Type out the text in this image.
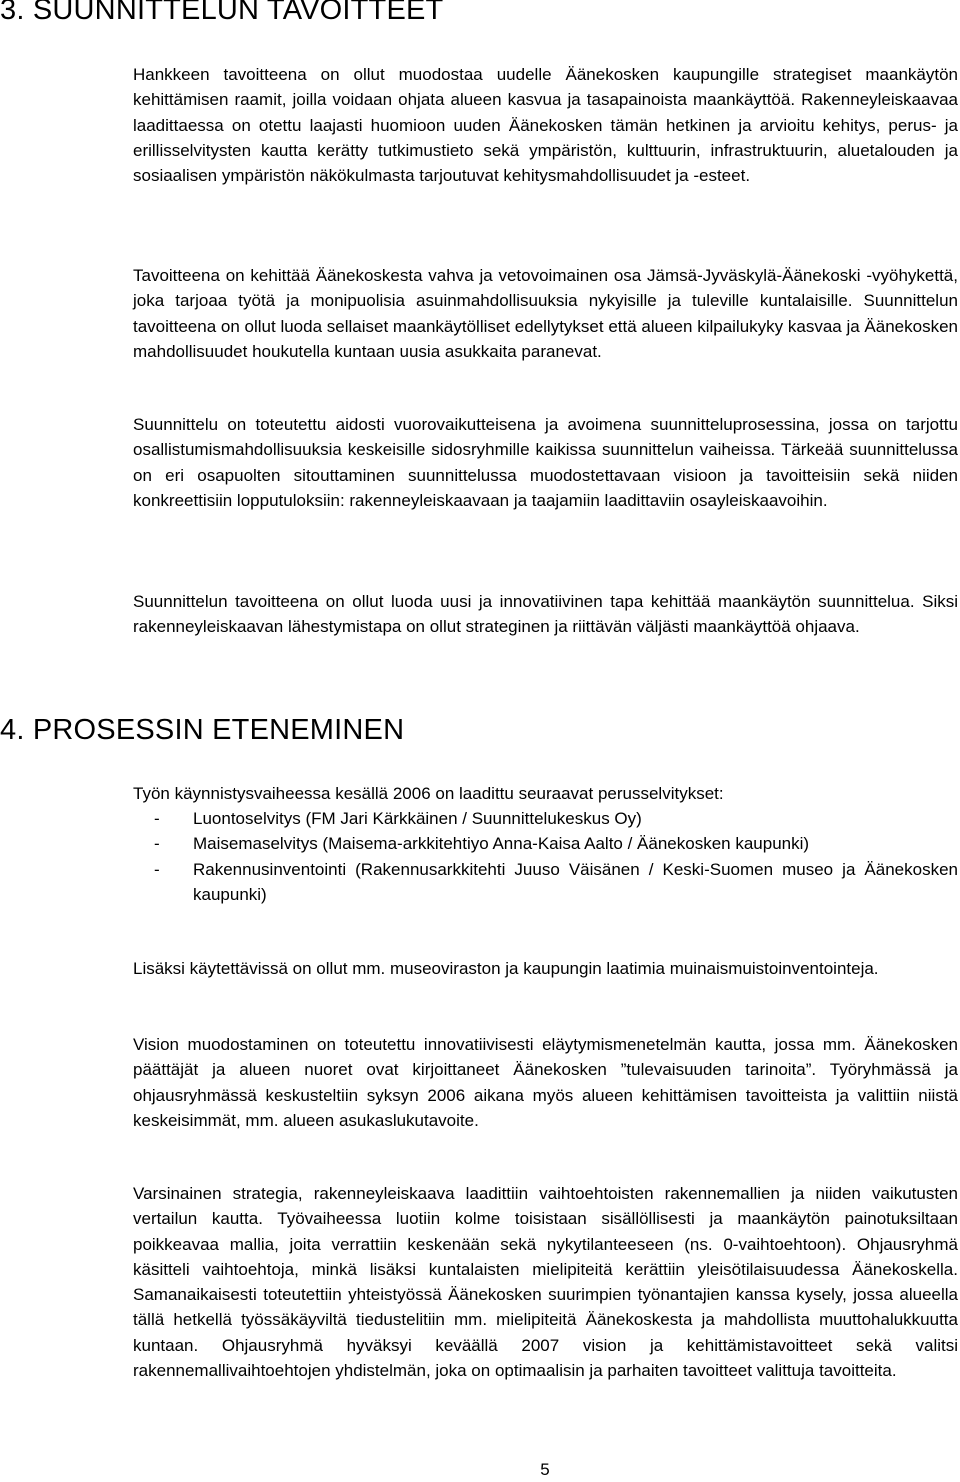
3. SUUNNITTELUN TAVOITTEET

Hankkeen tavoitteena on ollut muodostaa uudelle Äänekosken kaupungille strategiset maankäytön kehittämisen raamit, joilla voidaan ohjata alueen kasvua ja tasapainoista maankäyttöä. Rakenneyleiskaavaa laadittaessa on otettu laajasti huomioon uuden Äänekosken tämän hetkinen ja arvioitu kehitys, perus- ja erillisselvitysten kautta kerätty tutkimustieto sekä ympäristön, kulttuurin, infrastruktuurin, aluetalouden ja sosiaalisen ympäristön näkökulmasta tarjoutuvat kehitysmahdollisuudet ja -esteet.

Tavoitteena on kehittää Äänekoskesta vahva ja vetovoimainen osa Jämsä-Jyväskylä-Äänekoski -vyöhykettä, joka tarjoaa työtä ja monipuolisia asuinmahdollisuuksia nykyisille ja tuleville kuntalaisille. Suunnittelun tavoitteena on ollut luoda sellaiset maankäytölliset edellytykset että alueen kilpailukyky kasvaa ja Äänekosken mahdollisuudet houkutella kuntaan uusia asukkaita paranevat.

Suunnittelu on toteutettu aidosti vuorovaikutteisena ja avoimena suunnitteluprosessina, jossa on tarjottu osallistumismahdollisuuksia keskeisille sidosryhmille kaikissa suunnittelun vaiheissa. Tärkeää suunnittelussa on eri osapuolten sitouttaminen suunnittelussa muodostettavaan visioon ja tavoitteisiin sekä niiden konkreettisiin lopputuloksiin: rakenneyleiskaavaan ja taajamiin laadittaviin osayleiskaavoihin.

Suunnittelun tavoitteena on ollut luoda uusi ja innovatiivinen tapa kehittää maankäytön suunnittelua. Siksi rakenneyleiskaavan lähestymistapa on ollut strateginen ja riittävän väljästi maankäyttöä ohjaava.

4. PROSESSIN ETENEMINEN

Työn käynnistysvaiheessa kesällä 2006 on laadittu seuraavat perusselvitykset:

- Luontoselvitys (FM Jari Kärkkäinen / Suunnittelukeskus Oy)
- Maisemaselvitys (Maisema-arkkitehtiyo Anna-Kaisa Aalto / Äänekosken kaupunki)
- Rakennusinventointi (Rakennusarkkitehti Juuso Väisänen / Keski-Suomen museo ja Äänekosken kaupunki)

Lisäksi käytettävissä on ollut mm. museoviraston ja kaupungin laatimia muinaismuistoinventointeja.

Vision muodostaminen on toteutettu innovatiivisesti eläytymismenetelmän kautta, jossa mm. Äänekosken päättäjät ja alueen nuoret ovat kirjoittaneet Äänekosken ”tulevaisuuden tarinoita”. Työryhmässä ja ohjausryhmässä keskusteltiin syksyn 2006 aikana myös alueen kehittämisen tavoitteista ja valittiin niistä keskeisimmät, mm. alueen asukaslukutavoite.

Varsinainen strategia, rakenneyleiskaava laadittiin vaihtoehtoisten rakennemallien ja niiden vaikutusten vertailun kautta. Työvaiheessa luotiin kolme toisistaan sisällöllisesti ja maankäytön painotuksiltaan poikkeavaa mallia, joita verrattiin keskenään sekä nykytilanteeseen (ns. 0-vaihtoehtoon). Ohjausryhmä käsitteli vaihtoehtoja, minkä lisäksi kuntalaisten mielipiteitä kerättiin yleisötilaisuudessa Äänekoskella. Samanaikaisesti toteutettiin yhteistyössä Äänekosken suurimpien työnantajien kanssa kysely, jossa alueella tällä hetkellä työssäkäyviltä tiedustelitiin mm. mielipiteitä Äänekoskesta ja mahdollista muuttohalukkuutta kuntaan. Ohjausryhmä hyväksyi keväällä 2007 vision ja kehittämistavoitteet sekä valitsi rakennemallivaihtoehtojen yhdistelmän, joka on optimaalisin ja parhaiten tavoitteet valittuja tavoitteita.

5
